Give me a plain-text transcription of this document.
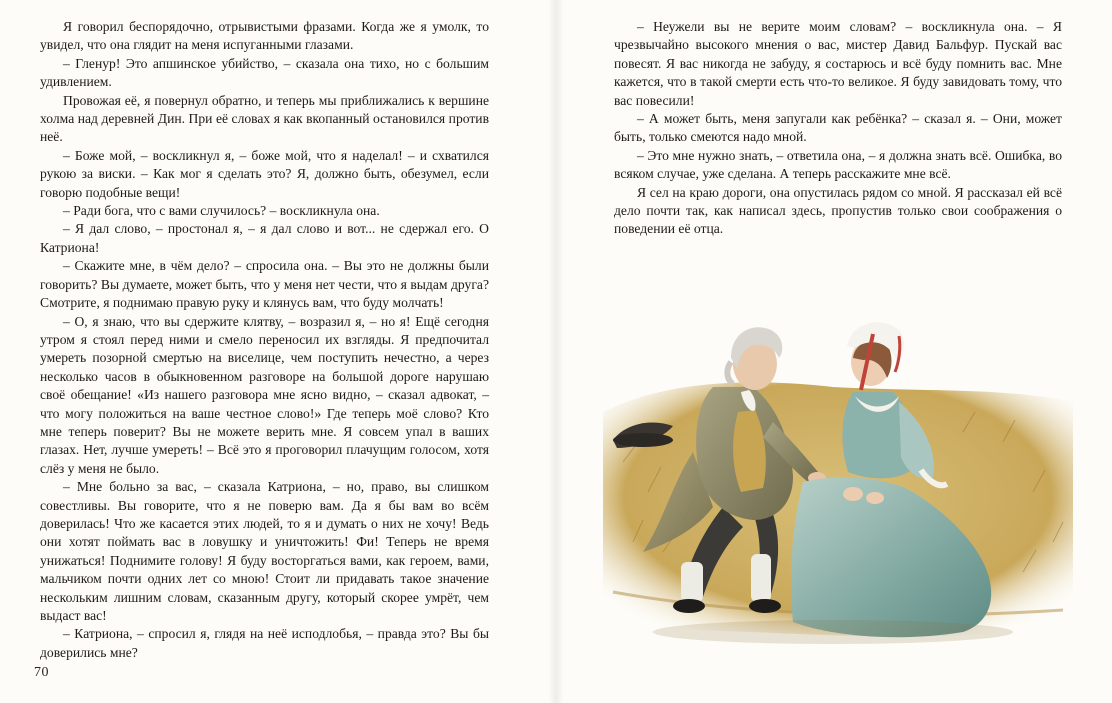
Я говорил беспорядочно, отрывистыми фразами. Когда же я умолк, то увидел, что она глядит на меня испуганными глазами.

– Гленур! Это апшинское убийство, – сказала она тихо, но с большим удивлением.

Провожая её, я повернул обратно, и теперь мы приближались к вершине холма над деревней Дин. При её словах я как вкопанный остановился против неё.

– Боже мой, – воскликнул я, – боже мой, что я наделал! – и схватился рукою за виски. – Как мог я сделать это? Я, должно быть, обезумел, если говорю подобные вещи!

– Ради бога, что с вами случилось? – воскликнула она.

– Я дал слово, – простонал я, – я дал слово и вот... не сдержал его. О Катриона!

– Скажите мне, в чём дело? – спросила она. – Вы это не должны были говорить? Вы думаете, может быть, что у меня нет чести, что я выдам друга? Смотрите, я поднимаю правую руку и клянусь вам, что буду молчать!

– О, я знаю, что вы сдержите клятву, – возразил я, – но я! Ещё сегодня утром я стоял перед ними и смело переносил их взгляды. Я предпочитал умереть позорной смертью на виселице, чем поступить нечестно, а через несколько часов в обыкновенном разговоре на большой дороге нарушаю своё обещание! «Из нашего разговора мне ясно видно, – сказал адвокат, – что могу положиться на ваше честное слово!» Где теперь моё слово? Кто мне теперь поверит? Вы не можете верить мне. Я совсем упал в ваших глазах. Нет, лучше умереть! – Всё это я проговорил плачущим голосом, хотя слёз у меня не было.

– Мне больно за вас, – сказала Катриона, – но, право, вы слишком совестливы. Вы говорите, что я не поверю вам. Да я бы вам во всём доверилась! Что же касается этих людей, то я и думать о них не хочу! Ведь они хотят поймать вас в ловушку и уничтожить! Фи! Теперь не время унижаться! Поднимите голову! Я буду восторгаться вами, как героем, вами, мальчиком почти одних лет со мною! Стоит ли придавать такое значение нескольким лишним словам, сказанным другу, который скорее умрёт, чем выдаст вас!

– Катриона, – спросил я, глядя на неё исподлобья, – правда это? Вы бы доверились мне?

70

– Неужели вы не верите моим словам? – воскликнула она. – Я чрезвычайно высокого мнения о вас, мистер Давид Бальфур. Пускай вас повесят. Я вас никогда не забуду, я состарюсь и всё буду помнить вас. Мне кажется, что в такой смерти есть что-то великое. Я буду завидовать тому, что вас повесили!

– А может быть, меня запугали как ребёнка? – сказал я. – Они, может быть, только смеются надо мной.

– Это мне нужно знать, – ответила она, – я должна знать всё. Ошибка, во всяком случае, уже сделана. А теперь расскажите мне всё.

Я сел на краю дороги, она опустилась рядом со мной. Я рассказал ей всё дело почти так, как написал здесь, пропустив только свои соображения о поведении её отца.
